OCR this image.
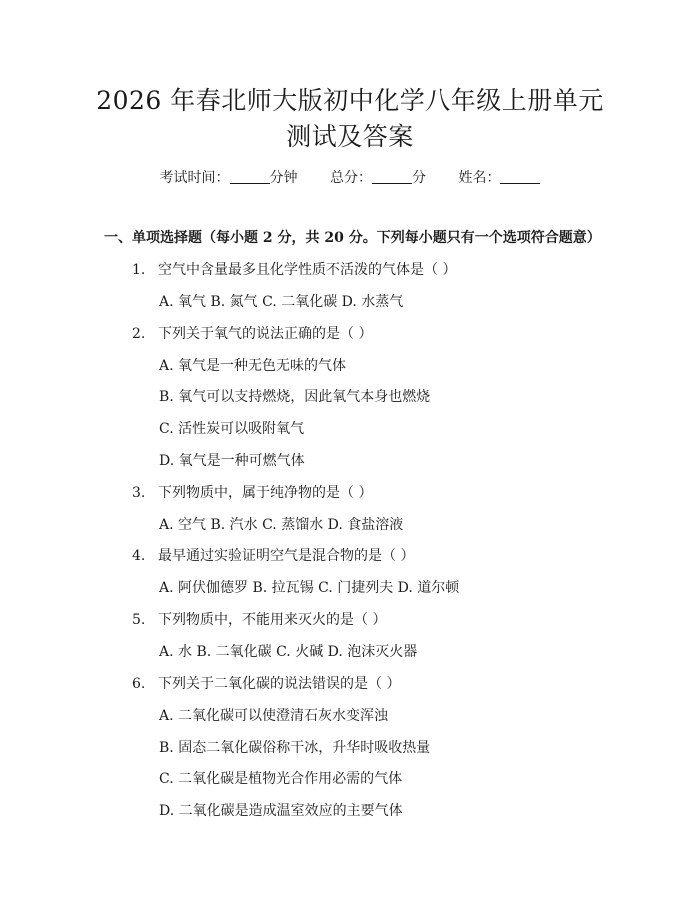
2026 年春北师大版初中化学八年级上册单元
测试及答案
考试时间：	分钟 总分：	分 姓名：
一、单项选择题（每小题 2 分，共 20 分。下列每小题只有一个选项符合题意）
1. 空气中含量最多且化学性质不活泼的气体是（ ）
A. 氧气 B. 氮气 C. 二氧化碳 D. 水蒸气
2. 下列关于氧气的说法正确的是（ ）
A. 氧气是一种无色无味的气体
B. 氧气可以支持燃烧，因此氧气本身也燃烧
C. 活性炭可以吸附氧气
D. 氧气是一种可燃气体
3. 下列物质中，属于纯净物的是（ ）
A. 空气 B. 汽水 C. 蒸馏水 D. 食盐溶液
4. 最早通过实验证明空气是混合物的是（ ）
A. 阿伏伽德罗 B. 拉瓦锡 C. 门捷列夫 D. 道尔顿
5. 下列物质中，不能用来灭火的是（ ）
A. 水 B. 二氧化碳 C. 火碱 D. 泡沫灭火器
6. 下列关于二氧化碳的说法错误的是（ ）
A. 二氧化碳可以使澄清石灰水变浑浊
B. 固态二氧化碳俗称干冰，升华时吸收热量
C. 二氧化碳是植物光合作用必需的气体
D. 二氧化碳是造成温室效应的主要气体
